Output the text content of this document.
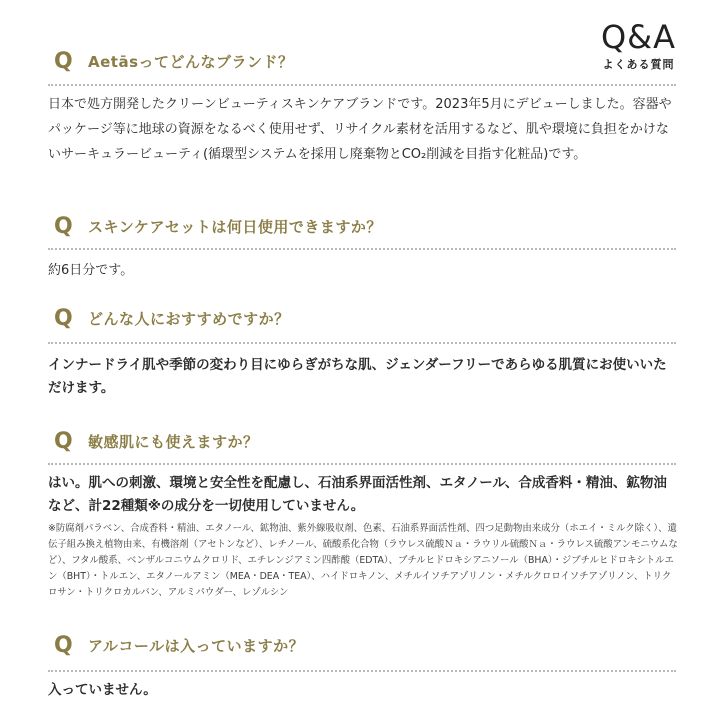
Q&A
よくある質問
Q Aetāsってどんなブランド？
日本で処方開発したクリーンビューティスキンケアブランドです。2023年5月にデビューしました。容器やパッケージ等に地球の資源をなるべく使用せず、リサイクル素材を活用するなど、肌や環境に負担をかけないサーキュラービューティ(循環型システムを採用し廃棄物とCO₂削減を目指す化粧品)です。
Q スキンケアセットは何日使用できますか？
約6日分です。
Q どんな人におすすめですか？
インナードライ肌や季節の変わり目にゆらぎがちな肌、ジェンダーフリーであらゆる肌質にお使いいただけます。
Q 敏感肌にも使えますか？
はい。肌への刺激、環境と安全性を配慮し、石油系界面活性剤、エタノール、合成香料・精油、鉱物油など、計22種類※の成分を一切使用していません。
※防腐剤パラベン、合成香料・精油、エタノール、鉱物油、紫外線吸収剤、色素、石油系界面活性剤、四つ足動物由来成分（ホエイ・ミルク除く）、遺伝子組み換え植物由来、有機溶剤（アセトンなど）、レチノール、硫酸系化合物（ラウレス硫酸Ｎａ・ラウリル硫酸Ｎａ・ラウレス硫酸アンモニウムなど）、フタル酸系、ベンザルコニウムクロリド、エチレンジアミン四酢酸（EDTA）、ブチルヒドロキシアニソール（BHA）・ジブチルヒドロキシトルエン（BHT）・トルエン、エタノールアミン（MEA・DEA・TEA）、ハイドロキノン、メチルイソチアゾリノン・メチルクロロイソチアゾリノン、トリクロサン・トリクロカルバン、アルミパウダー、レゾルシン
Q アルコールは入っていますか？
入っていません。
